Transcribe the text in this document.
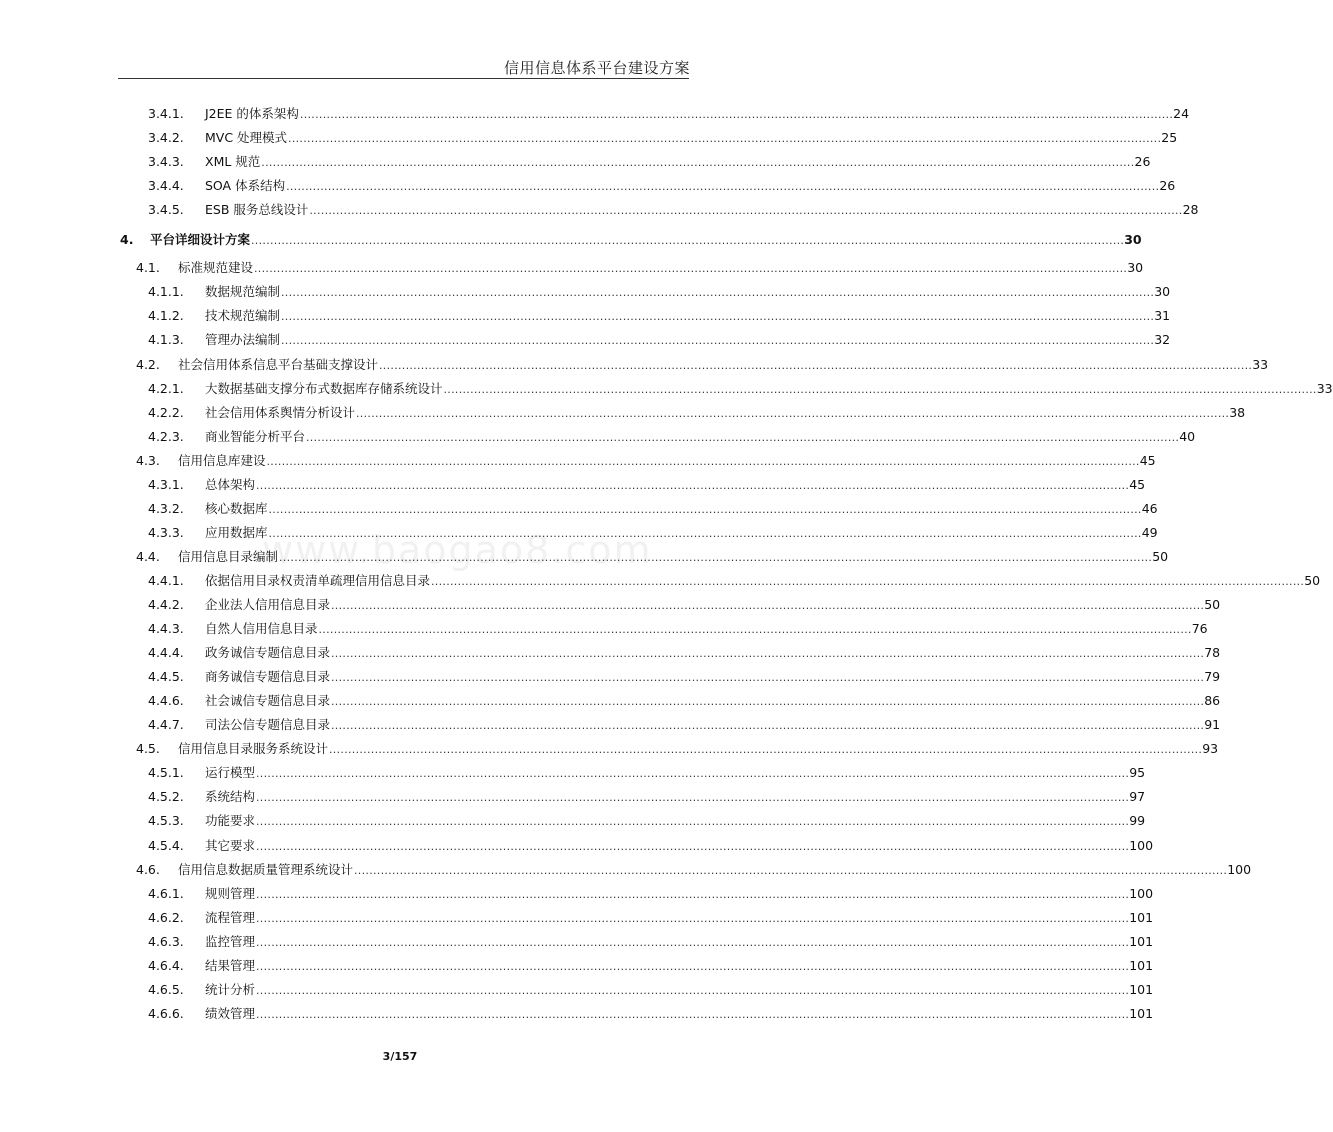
信用信息体系平台建设方案
www.baogao8.com
3.4.1.	J2EE 的体系架构 .....	24
3.4.2.	MVC 处理模式 .....	25
3.4.3.	XML 规范 .....	26
3.4.4.	SOA 体系结构 .....	26
3.4.5.	ESB 服务总线设计 .....	28
4.	平台详细设计方案 .....	30
4.1.	标准规范建设 .....	30
4.1.1.	数据规范编制 .....	30
4.1.2.	技术规范编制 .....	31
4.1.3.	管理办法编制 .....	32
4.2.	社会信用体系信息平台基础支撑设计 .....	33
4.2.1.	大数据基础支撑分布式数据库存储系统设计 .....	33
4.2.2.	社会信用体系舆情分析设计 .....	38
4.2.3.	商业智能分析平台 .....	40
4.3.	信用信息库建设 .....	45
4.3.1.	总体架构 .....	45
4.3.2.	核心数据库 .....	46
4.3.3.	应用数据库 .....	49
4.4.	信用信息目录编制 .....	50
4.4.1.	依据信用目录权责清单疏理信用信息目录 .....	50
4.4.2.	企业法人信用信息目录 .....	50
4.4.3.	自然人信用信息目录 .....	76
4.4.4.	政务诚信专题信息目录 .....	78
4.4.5.	商务诚信专题信息目录 .....	79
4.4.6.	社会诚信专题信息目录 .....	86
4.4.7.	司法公信专题信息目录 .....	91
4.5.	信用信息目录服务系统设计 .....	93
4.5.1.	运行模型 .....	95
4.5.2.	系统结构 .....	97
4.5.3.	功能要求 .....	99
4.5.4.	其它要求 .....	100
4.6.	信用信息数据质量管理系统设计 .....	100
4.6.1.	规则管理 .....	100
4.6.2.	流程管理 .....	101
4.6.3.	监控管理 .....	101
4.6.4.	结果管理 .....	101
4.6.5.	统计分析 .....	101
4.6.6.	绩效管理 .....	101
3/157
